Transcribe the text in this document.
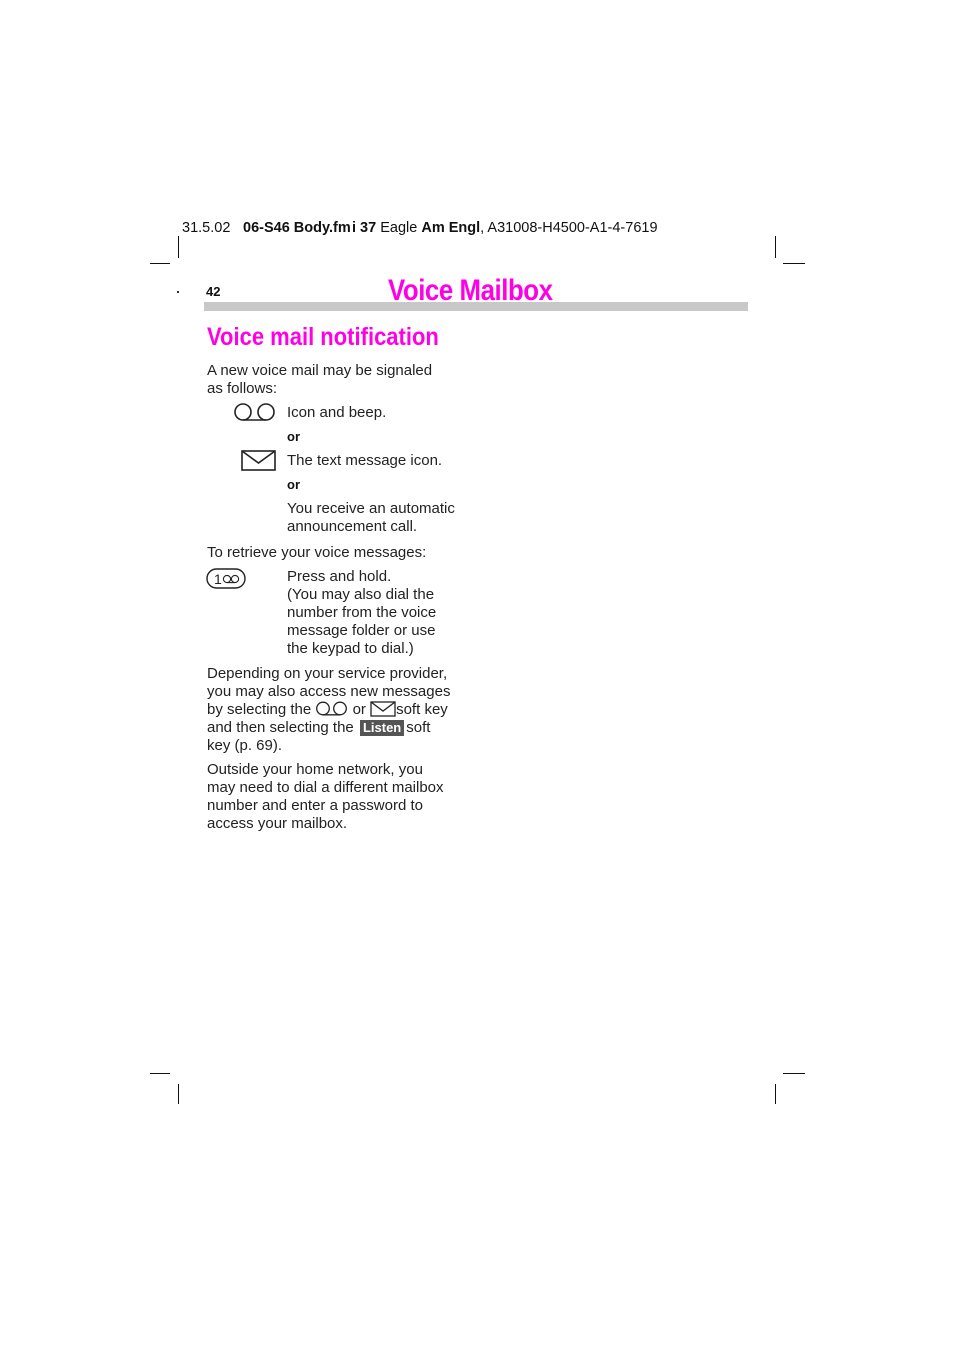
31.5.02 06-S46 Body.fm i 37 Eagle Am Engl, A31008-H4500-A1-4-7619
42	Voice Mailbox
Voice mail notification
A new voice mail may be signaled
as follows:
Icon and beep.
or
The text message icon.
or
You receive an automatic
announcement call.
To retrieve your voice messages:
1	Press and hold.
(You may also dial the
number from the voice
message folder or use
the keypad to dial.)
Depending on your service provider,
you may also access new messages
by selecting the	or soft key
and then selecting the Listen soft
key (p. 69).
Outside your home network, you
may need to dial a different mailbox
number and enter a password to
access your mailbox.
